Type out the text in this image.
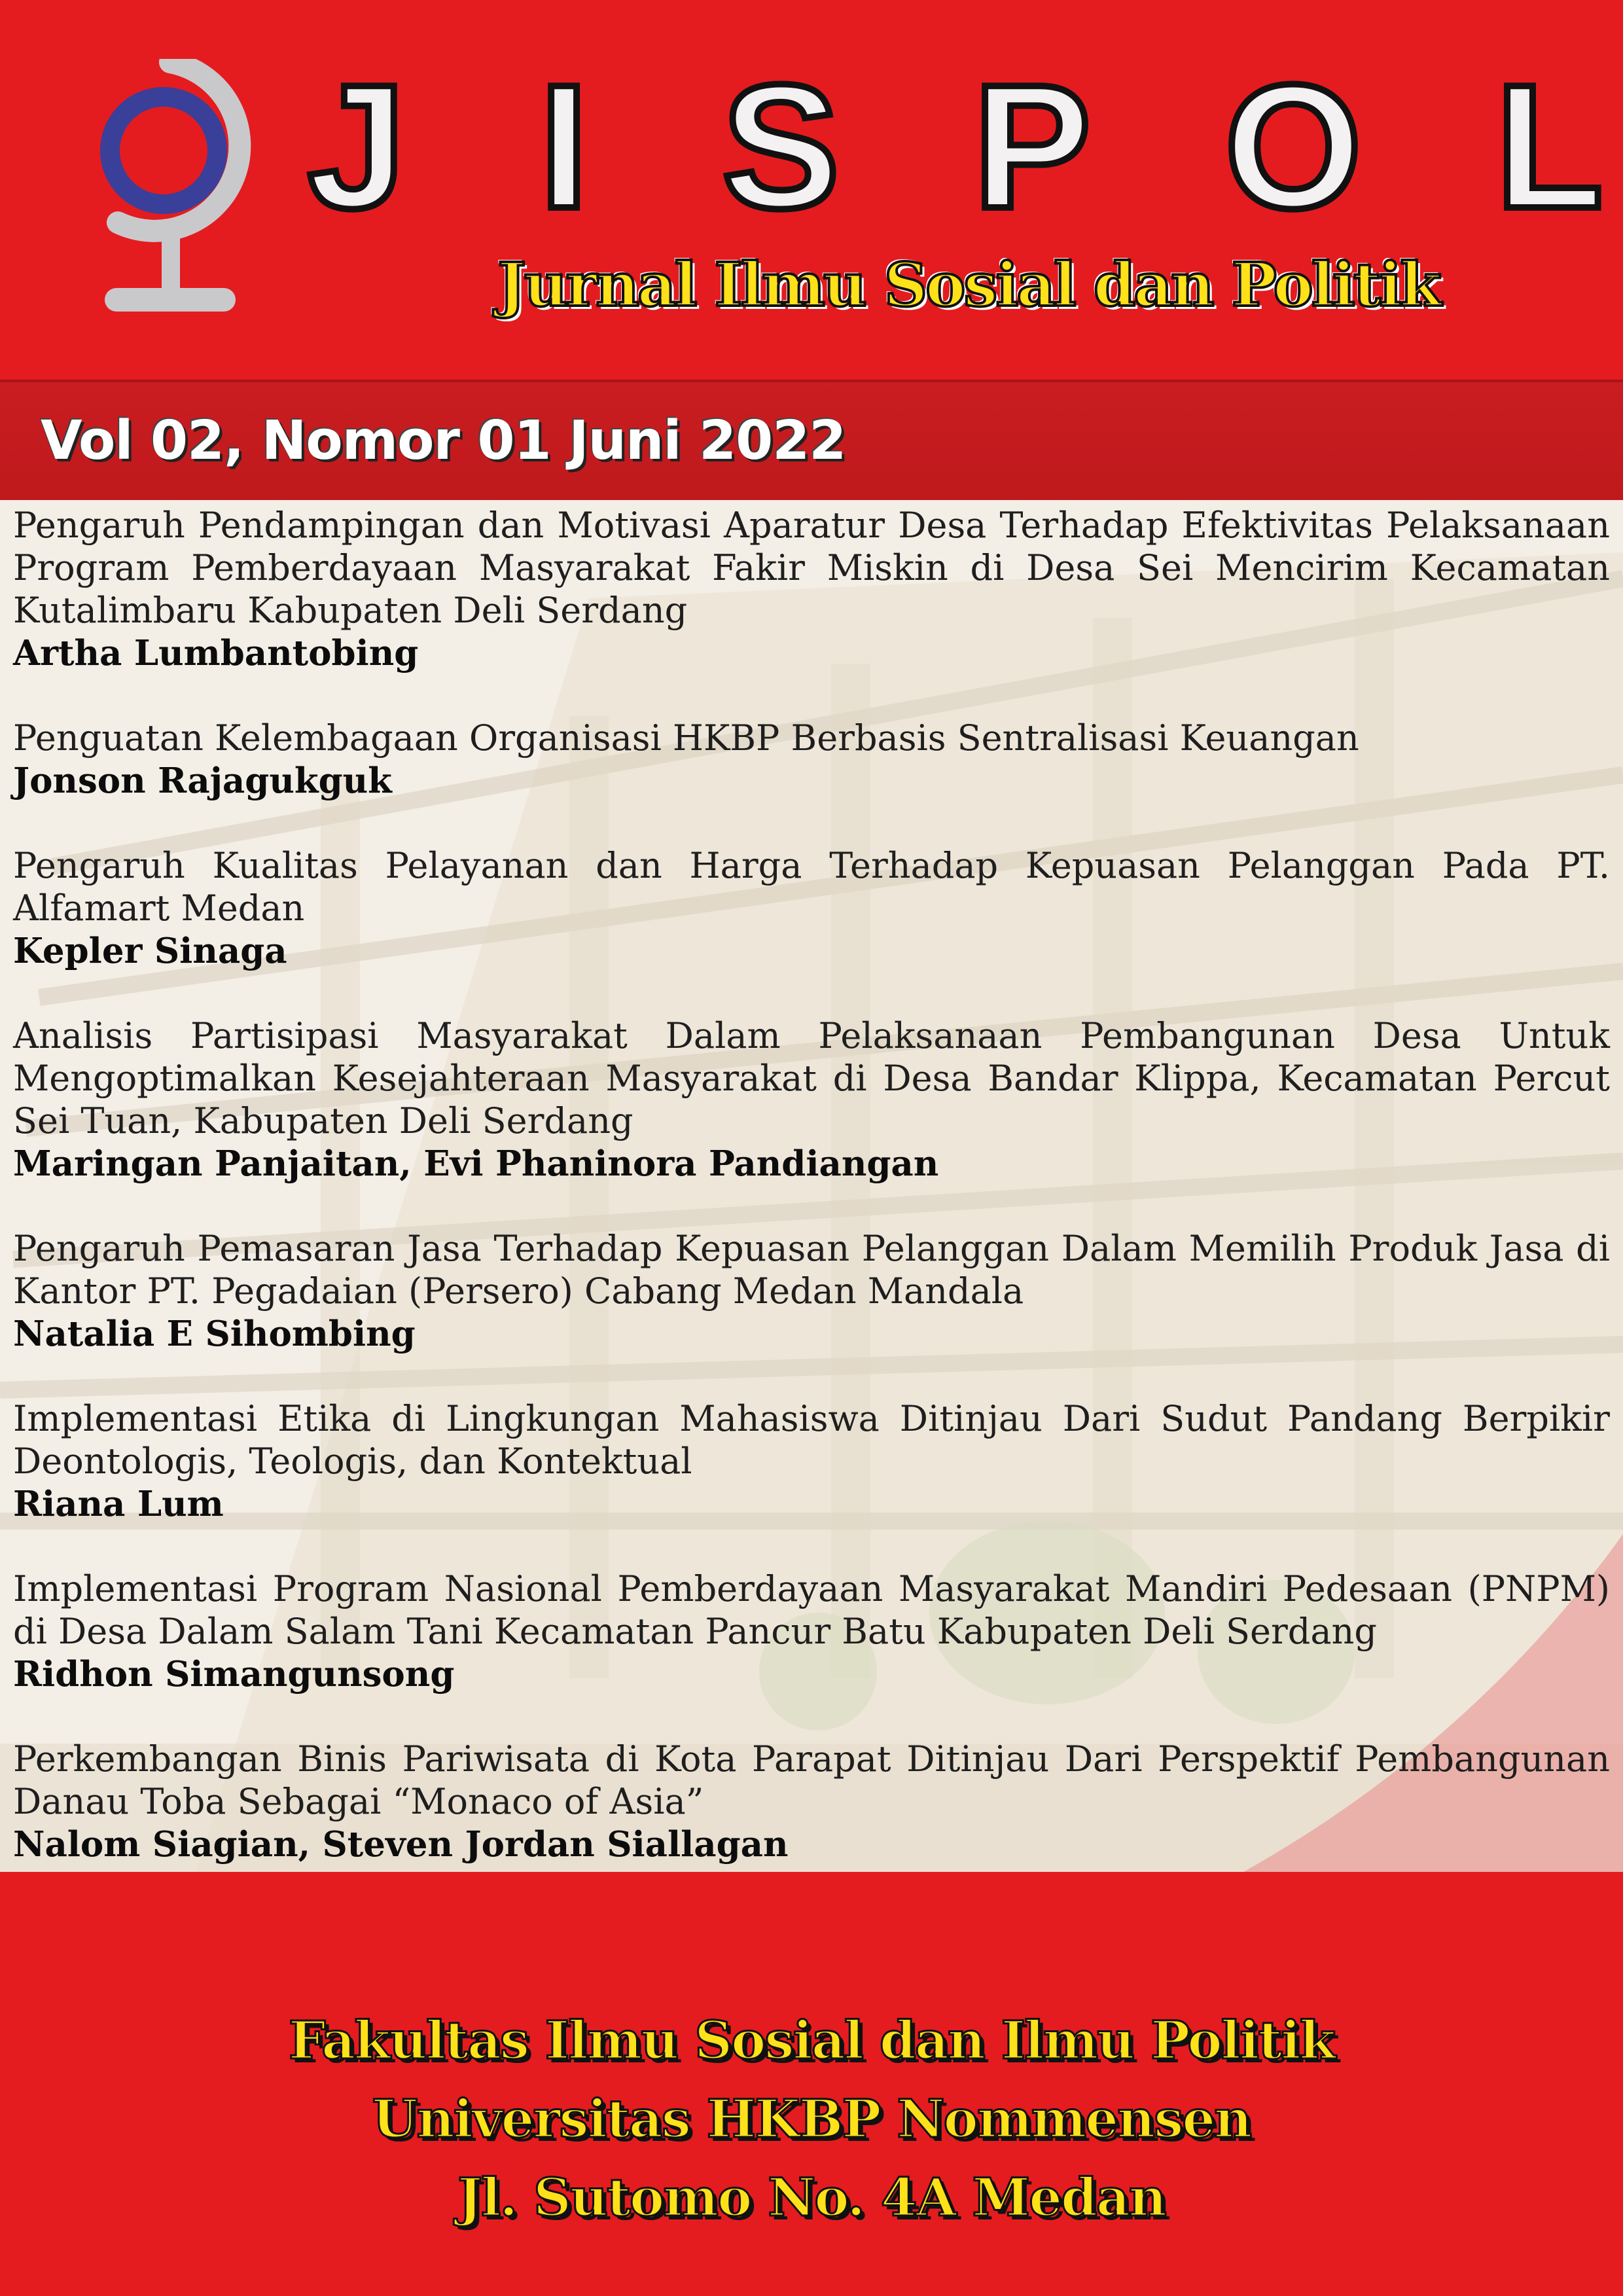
J I S P O L
Jurnal Ilmu Sosial dan Politik
Vol 02, Nomor 01 Juni 2022

Pengaruh Pendampingan dan Motivasi Aparatur Desa Terhadap Efektivitas Pelaksanaan Program Pemberdayaan Masyarakat Fakir Miskin di Desa Sei Mencirim Kecamatan Kutalimbaru Kabupaten Deli Serdang

Artha Lumbantobing

Penguatan Kelembagaan Organisasi HKBP Berbasis Sentralisasi Keuangan

Jonson Rajagukguk

Pengaruh Kualitas Pelayanan dan Harga Terhadap Kepuasan Pelanggan Pada PT. Alfamart Medan

Kepler Sinaga

Analisis Partisipasi Masyarakat Dalam Pelaksanaan Pembangunan Desa Untuk Mengoptimalkan Kesejahteraan Masyarakat di Desa Bandar Klippa, Kecamatan Percut Sei Tuan, Kabupaten Deli Serdang

Maringan Panjaitan, Evi Phaninora Pandiangan

Pengaruh Pemasaran Jasa Terhadap Kepuasan Pelanggan Dalam Memilih Produk Jasa di Kantor PT. Pegadaian (Persero) Cabang Medan Mandala

Natalia E Sihombing

Implementasi Etika di Lingkungan Mahasiswa Ditinjau Dari Sudut Pandang Berpikir Deontologis, Teologis, dan Kontektual

Riana Lum

Implementasi Program Nasional Pemberdayaan Masyarakat Mandiri Pedesaan (PNPM) di Desa Dalam Salam Tani Kecamatan Pancur Batu Kabupaten Deli Serdang

Ridhon Simangunsong

Perkembangan Binis Pariwisata di Kota Parapat Ditinjau Dari Perspektif Pembangunan Danau Toba Sebagai “Monaco of Asia”

Nalom Siagian, Steven Jordan Siallagan

Fakultas Ilmu Sosial dan Ilmu Politik
Universitas HKBP Nommensen
Jl. Sutomo No. 4A Medan
